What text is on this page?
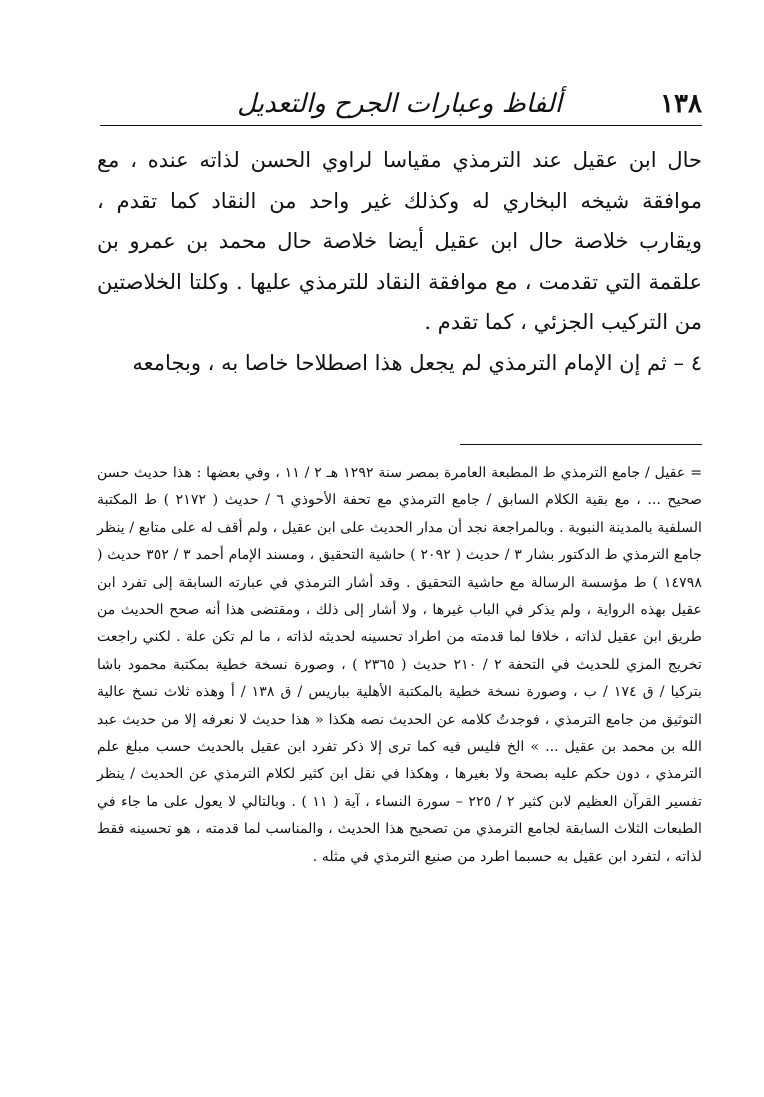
١٣٨
ألفاظ وعبارات الجرح والتعديل

حال ابن عقيل عند الترمذي مقياسا لراوي الحسن لذاته عنده ، مع موافقة شيخه البخاري له وكذلك غير واحد من النقاد كما تقدم ، ويقارب خلاصة حال ابن عقيل أيضا خلاصة حال محمد بن عمرو بن علقمة التي تقدمت ، مع موافقة النقاد للترمذي عليها . وكلتا الخلاصتين من التركيب الجزئي ، كما تقدم .

٤ – ثم إن الإمام الترمذي لم يجعل هذا اصطلاحا خاصا به ، وبجامعه

= عقيل / جامع الترمذي ط المطبعة العامرة بمصر سنة ١٢٩٢ هـ ٢ / ١١ ، وفي بعضها : هذا حديث حسن صحيح ... ، مع بقية الكلام السابق / جامع الترمذي مع تحفة الأحوذي ٦ / حديث ( ٢١٧٢ ) ط المكتبة السلفية بالمدينة النبوية . وبالمراجعة نجد أن مدار الحديث على ابن عقيل ، ولم أقف له على متابع / ينظر جامع الترمذي ط الدكتور بشار ٣ / حديث ( ٢٠٩٢ ) حاشية التحقيق ، ومسند الإمام أحمد ٣ / ٣٥٢ حديث ( ١٤٧٩٨ ) ط مؤسسة الرسالة مع حاشية التحقيق . وقد أشار الترمذي في عبارته السابقة إلى تفرد ابن عقيل بهذه الرواية ، ولم يذكر في الباب غيرها ، ولا أشار إلى ذلك ، ومقتضى هذا أنه صحح الحديث من طريق ابن عقيل لذاته ، خلافا لما قدمته من اطراد تحسينه لحديثه لذاته ، ما لم تكن علة . لكني راجعت تخريج المزي للحديث في التحفة ٢ / ٢١٠ حديث ( ٢٣٦٥ ) ، وصورة نسخة خطية بمكتبة محمود باشا بتركيا / ق ١٧٤ / ب ، وصورة نسخة خطية بالمكتبة الأهلية بباريس / ق ١٣٨ / أ وهذه ثلاث نسخ عالية التوثيق من جامع الترمذي ، فوجدتُ كلامه عن الحديث نصه هكذا « هذا حديث لا نعرفه إلا من حديث عبد الله بن محمد بن عقيل ... » الخ فليس فيه كما ترى إلا ذكر تفرد ابن عقيل بالحديث حسب مبلغ علم الترمذي ، دون حكم عليه بصحة ولا بغيرها ، وهكذا في نقل ابن كثير لكلام الترمذي عن الحديث / ينظر تفسير القرآن العظيم لابن كثير ٢ / ٢٢٥ – سورة النساء ، آية ( ١١ ) . وبالتالي لا يعول على ما جاء في الطبعات الثلاث السابقة لجامع الترمذي من تصحيح هذا الحديث ، والمناسب لما قدمته ، هو تحسينه فقط لذاته ، لتفرد ابن عقيل به حسبما اطرد من صنيع الترمذي في مثله .
